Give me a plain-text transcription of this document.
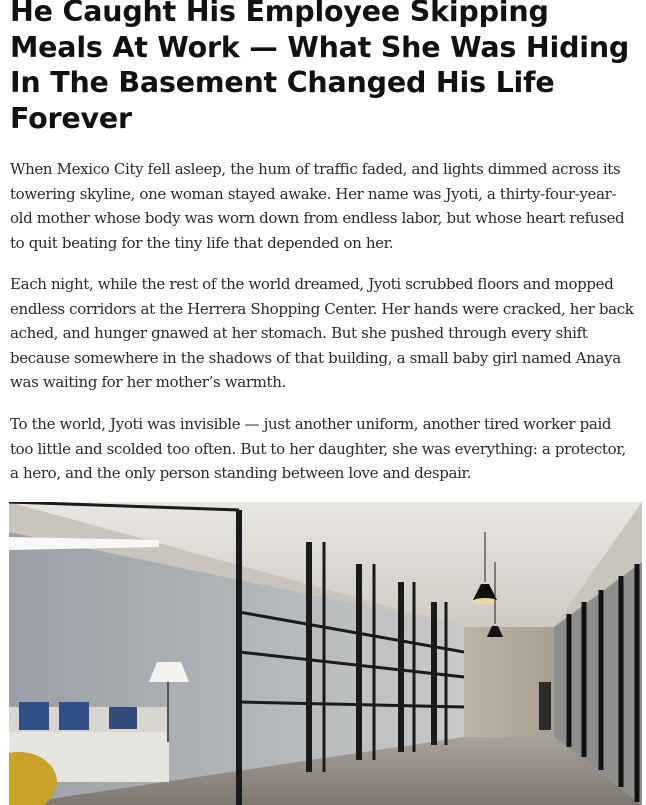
He Caught His Employee Skipping Meals At Work — What She Was Hiding In The Basement Changed His Life Forever

When Mexico City fell asleep, the hum of traffic faded, and lights dimmed across its towering skyline, one woman stayed awake. Her name was Jyoti, a thirty-four-year-old mother whose body was worn down from endless labor, but whose heart refused to quit beating for the tiny life that depended on her.

Each night, while the rest of the world dreamed, Jyoti scrubbed floors and mopped endless corridors at the Herrera Shopping Center. Her hands were cracked, her back ached, and hunger gnawed at her stomach. But she pushed through every shift because somewhere in the shadows of that building, a small baby girl named Anaya was waiting for her mother’s warmth.

To the world, Jyoti was invisible — just another uniform, another tired worker paid too little and scolded too often. But to her daughter, she was everything: a protector, a hero, and the only person standing between love and despair.
